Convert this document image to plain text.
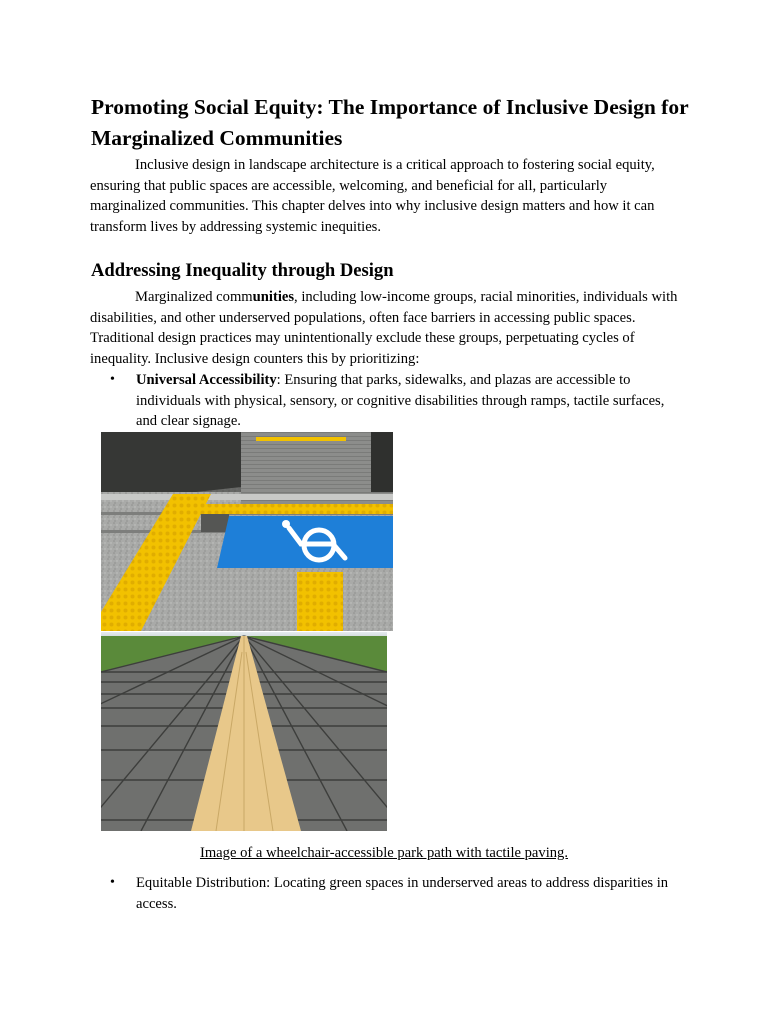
Promoting Social Equity: The Importance of Inclusive Design for Marginalized Communities

Inclusive design in landscape architecture is a critical approach to fostering social equity, ensuring that public spaces are accessible, welcoming, and beneficial for all, particularly marginalized communities. This chapter delves into why inclusive design matters and how it can transform lives by addressing systemic inequities.

Addressing Inequality through Design

Marginalized communities, including low-income groups, racial minorities, individuals with disabilities, and other underserved populations, often face barriers in accessing public spaces. Traditional design practices may unintentionally exclude these groups, perpetuating cycles of inequality. Inclusive design counters this by prioritizing:

• Universal Accessibility: Ensuring that parks, sidewalks, and plazas are accessible to individuals with physical, sensory, or cognitive disabilities through ramps, tactile surfaces, and clear signage.

Image of a wheelchair-accessible park path with tactile paving.
• Equitable Distribution: Locating green spaces in underserved areas to address disparities in access.
